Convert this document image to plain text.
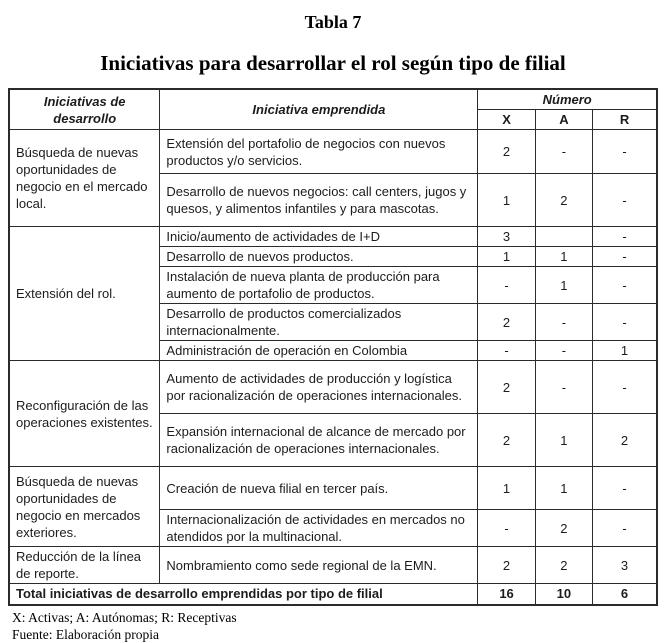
Tabla 7
Iniciativas para desarrollar el rol según tipo de filial
Iniciativas de desarrollo	Iniciativa emprendida	Número		
		X	A	R
Búsqueda de nuevas oportunidades de negocio en el mercado local.	Extensión del portafolio de negocios con nuevos productos y/o servicios.	2	-	-
	Desarrollo de nuevos negocios: call centers, jugos y quesos, y alimentos infantiles y para mascotas.	1	2	-
Extensión del rol.	Inicio/aumento de actividades de I+D	3		-
	Desarrollo de nuevos productos.	1	1	-
	Instalación de nueva planta de producción para aumento de portafolio de productos.	-	1	-
	Desarrollo de productos comercializados internacionalmente.	2	-	-
	Administración de operación en Colombia	-	-	1
Reconfiguración de las operaciones existentes.	Aumento de actividades de producción y logística por racionalización de operaciones internacionales.	2	-	-
	Expansión internacional de alcance de mercado por racionalización de operaciones internacionales.	2	1	2
Búsqueda de nuevas oportunidades de negocio en mercados exteriores.	Creación de nueva filial en tercer país.	1	1	-
	Internacionalización de actividades en mercados no atendidos por la multinacional.	-	2	-
Reducción de la línea de reporte.	Nombramiento como sede regional de la EMN.	2	2	3
Total iniciativas de desarrollo emprendidas por tipo de filial		16	10	6
X: Activas; A: Autónomas; R: Receptivas
Fuente: Elaboración propia
